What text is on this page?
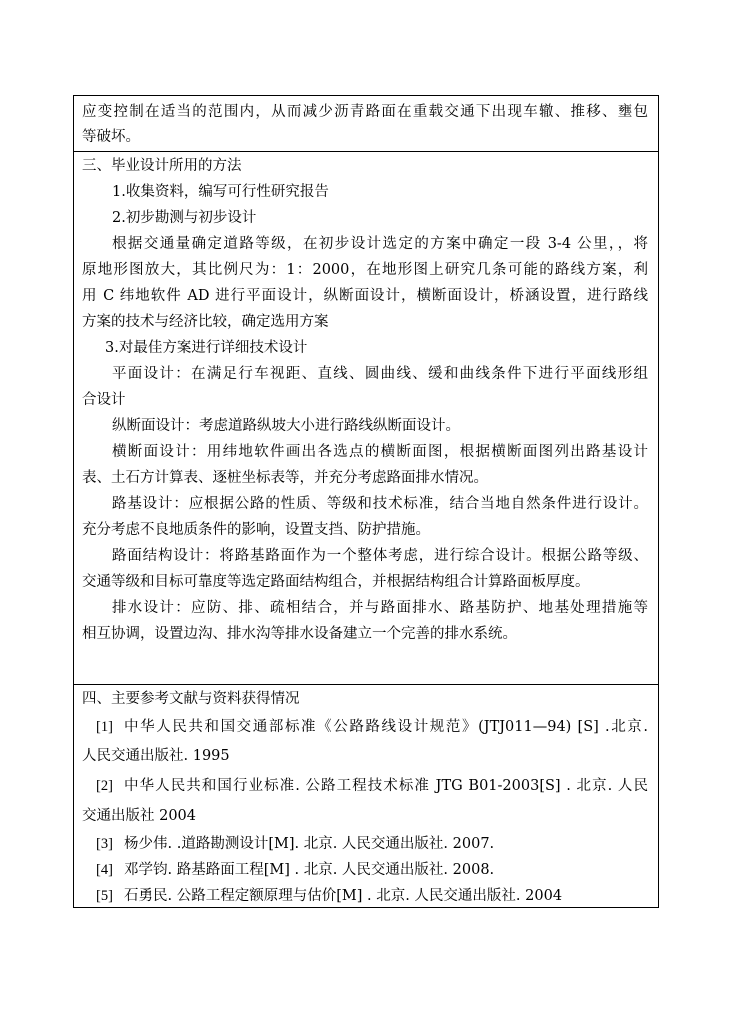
应变控制在适当的范围内，从而减少沥青路面在重载交通下出现车辙、推移、壅包
等破坏。
三、毕业设计所用的方法
1.收集资料，编写可行性研究报告
2.初步勘测与初步设计
根据交通量确定道路等级，在初步设计选定的方案中确定一段 3-4 公里，，将
原地形图放大，其比例尺为：1：2000，在地形图上研究几条可能的路线方案，利
用 C 纬地软件 AD 进行平面设计，纵断面设计，横断面设计，桥涵设置，进行路线
方案的技术与经济比较，确定选用方案
3.对最佳方案进行详细技术设计
平面设计：在满足行车视距、直线、圆曲线、缓和曲线条件下进行平面线形组
合设计
纵断面设计：考虑道路纵坡大小进行路线纵断面设计。
横断面设计：用纬地软件画出各选点的横断面图，根据横断面图列出路基设计
表、土石方计算表、逐桩坐标表等，并充分考虑路面排水情况。
路基设计：应根据公路的性质、等级和技术标准，结合当地自然条件进行设计。
充分考虑不良地质条件的影响，设置支挡、防护措施。
路面结构设计：将路基路面作为一个整体考虑，进行综合设计。根据公路等级、
交通等级和目标可靠度等选定路面结构组合，并根据结构组合计算路面板厚度。
排水设计：应防、排、疏相结合，并与路面排水、路基防护、地基处理措施等
相互协调，设置边沟、排水沟等排水设备建立一个完善的排水系统。
四、主要参考文献与资料获得情况
[1] 中华人民共和国交通部标准《公路路线设计规范》(JTJ011—94) [S] .北京.
人民交通出版社. 1995
[2] 中华人民共和国行业标准. 公路工程技术标准 JTG B01-2003[S] . 北京. 人民
交通出版社 2004
[3] 杨少伟. .道路勘测设计[M]. 北京. 人民交通出版社. 2007.
[4] 邓学钧. 路基路面工程[M] . 北京. 人民交通出版社. 2008.
[5] 石勇民. 公路工程定额原理与估价[M] . 北京. 人民交通出版社. 2004
